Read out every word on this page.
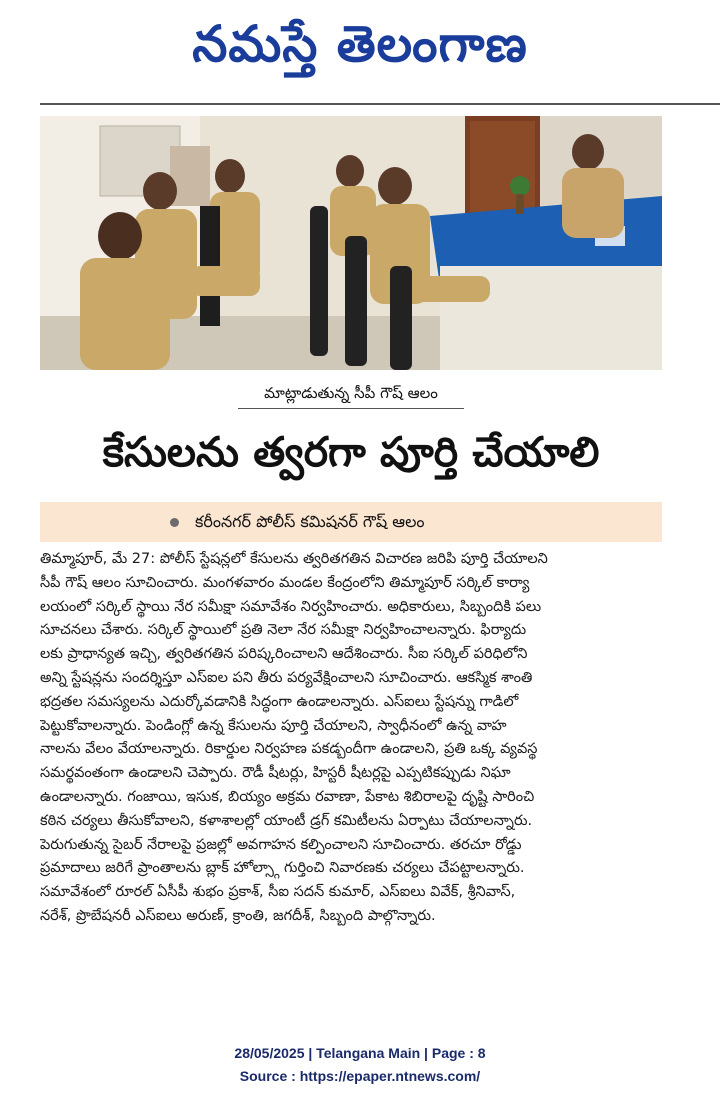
నమస్తే తెలంగాణ
మాట్లాడుతున్న సీపీ గౌష్ ఆలం
కేసులను త్వరగా పూర్తి చేయాలి
కరీంనగర్ పోలీస్ కమిషనర్ గౌష్ ఆలం
తిమ్మాపూర్, మే 27: పోలీస్ స్టేషన్లలో కేసులను త్వరితగతిన విచారణ జరిపి పూర్తి చేయాలని
సీపీ గౌష్ ఆలం సూచించారు. మంగళవారం మండల కేంద్రంలోని తిమ్మాపూర్ సర్కిల్ కార్యా
లయంలో సర్కిల్ స్థాయి నేర సమీక్షా సమావేశం నిర్వహించారు. అధికారులు, సిబ్బందికి పలు
సూచనలు చేశారు. సర్కిల్ స్థాయిలో ప్రతి నెలా నేర సమీక్షా నిర్వహించాలన్నారు. ఫిర్యాదు
లకు ప్రాధాన్యత ఇచ్చి, త్వరితగతిన పరిష్కరించాలని ఆదేశించారు. సీఐ సర్కిల్ పరిధిలోని
అన్ని స్టేషన్లను సందర్శిస్తూ ఎస్ఐల పని తీరు పర్యవేక్షించాలని సూచించారు. ఆకస్మిక శాంతి
భద్రతల సమస్యలను ఎదుర్కోవడానికి సిద్ధంగా ఉండాలన్నారు. ఎస్ఐలు స్టేషన్ను గాడిలో
పెట్టుకోవాలన్నారు. పెండింగ్లో ఉన్న కేసులను పూర్తి చేయాలని, స్వాధీనంలో ఉన్న వాహ
నాలను వేలం వేయాలన్నారు. రికార్డుల నిర్వహణ పకడ్బందీగా ఉండాలని, ప్రతి ఒక్క వ్యవస్థ
సమర్థవంతంగా ఉండాలని చెప్పారు. రౌడీ షీటర్లు, హిస్టరీ షీటర్లపై ఎప్పటికప్పుడు నిఘా
ఉండాలన్నారు. గంజాయి, ఇసుక, బియ్యం అక్రమ రవాణా, పేకాట శిబిరాలపై దృష్టి సారించి
కఠిన చర్యలు తీసుకోవాలని, కళాశాలల్లో యాంటీ డ్రగ్ కమిటీలను ఏర్పాటు చేయాలన్నారు.
పెరుగుతున్న సైబర్ నేరాలపై ప్రజల్లో అవగాహన కల్పించాలని సూచించారు. తరచూ రోడ్డు
ప్రమాదాలు జరిగే ప్రాంతాలను బ్లాక్ హోల్స్గా గుర్తించి నివారణకు చర్యలు చేపట్టాలన్నారు.
సమావేశంలో రూరల్ ఏసీపీ శుభం ప్రకాశ్, సీఐ సదన్ కుమార్, ఎస్ఐలు వివేక్, శ్రీనివాస్,
నరేశ్, ప్రొబేషనరీ ఎస్ఐలు అరుణ్, క్రాంతి, జగదీశ్, సిబ్బంది పాల్గొన్నారు.
28/05/2025 | Telangana Main | Page : 8
Source : https://epaper.ntnews.com/
